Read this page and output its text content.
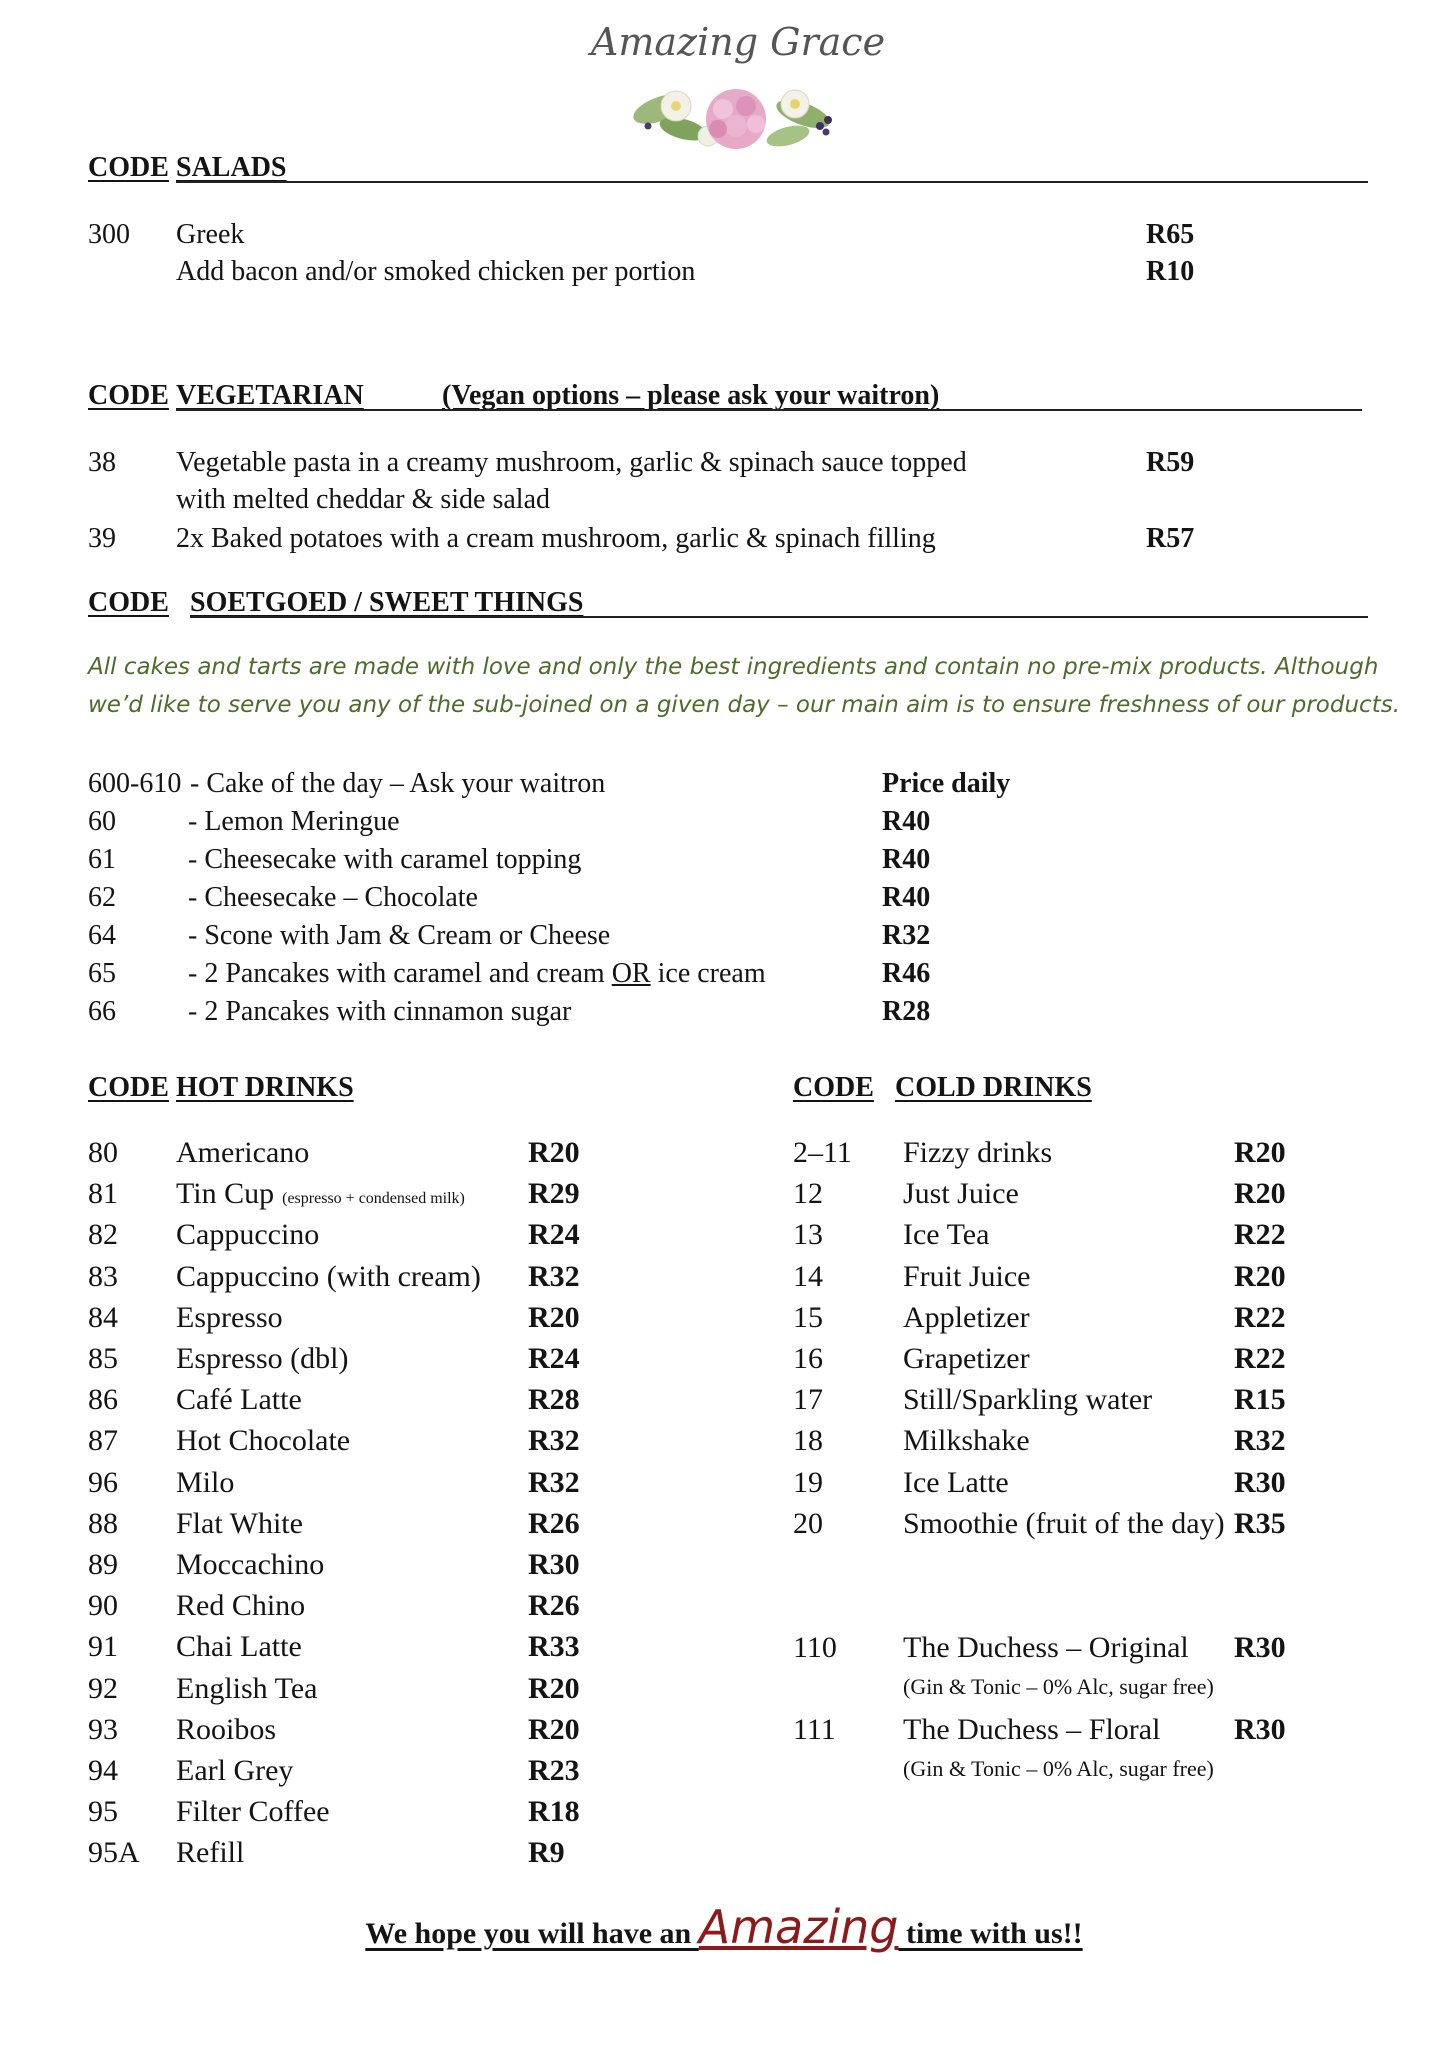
Amazing Grace
CODE SALADS
300 Greek	R65
Add bacon and/or smoked chicken per portion	R10
CODE VEGETARIAN	(Vegan options – please ask your waitron)
38 Vegetable pasta in a creamy mushroom, garlic & spinach sauce topped	R59
with melted cheddar & side salad
39 2x Baked potatoes with a cream mushroom, garlic & spinach filling	R57
CODE SOETGOED / SWEET THINGS
All cakes and tarts are made with love and only the best ingredients and contain no pre-mix products. Although
we’d like to serve you any of the sub-joined on a given day – our main aim is to ensure freshness of our products.
600-610 - Cake of the day – Ask your waitron	Price daily
60	- Lemon Meringue	R40
61	- Cheesecake with caramel topping	R40
62	- Cheesecake – Chocolate	R40
64	- Scone with Jam & Cream or Cheese	R32
65	- 2 Pancakes with caramel and cream OR ice cream	R46
66	- 2 Pancakes with cinnamon sugar	R28
CODE HOT DRINKS	CODE COLD DRINKS
80 Americano	R20
81 Tin Cup (espresso + condensed milk) R29
82 Cappuccino	R24
83 Cappuccino (with cream) R32
84 Espresso	R20
85 Espresso (dbl)	R24
86 Café Latte	R28
87 Hot Chocolate	R32
96 Milo	R32
88 Flat White	R26
89 Moccachino	R30
90 Red Chino	R26
91 Chai Latte	R33
92 English Tea	R20
93 Rooibos	R20
94 Earl Grey	R23
95 Filter Coffee	R18
95A Refill	R9
2–11 Fizzy drinks	R20
12	Just Juice	R20
13	Ice Tea	R22
14	Fruit Juice	R20
15	Appletizer	R22
16	Grapetizer	R22
17	Still/Sparkling water	R15
18	Milkshake	R32
19	Ice Latte	R30
20	Smoothie (fruit of the day) R35
110 The Duchess – Original R30
(Gin & Tonic – 0% Alc, sugar free)
111 The Duchess – Floral R30
(Gin & Tonic – 0% Alc, sugar free)
We hope you will have an Amazing time with us!!
